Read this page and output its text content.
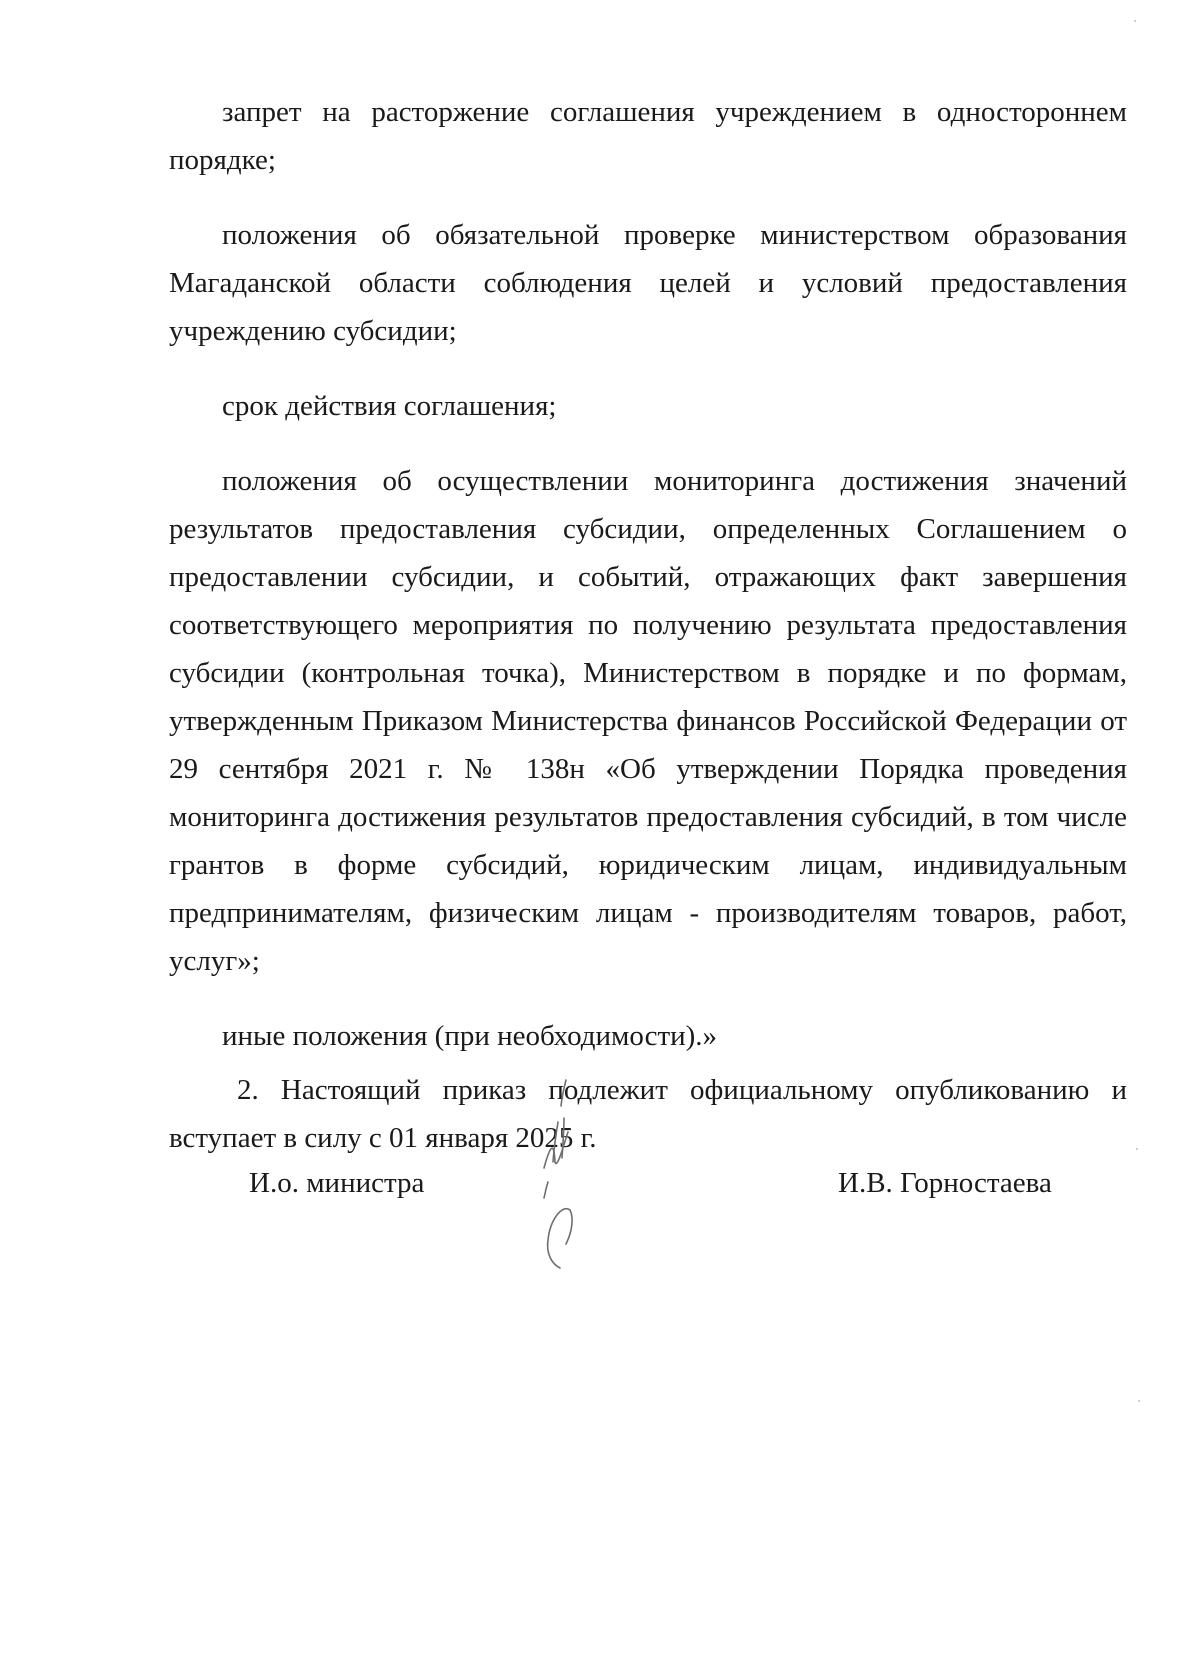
запрет на расторжение соглашения учреждением в одностороннем порядке;

положения об обязательной проверке министерством образования Магаданской области соблюдения целей и условий предоставления учреждению субсидии;

срок действия соглашения;

положения об осуществлении мониторинга достижения значений результатов предоставления субсидии, определенных Соглашением о предоставлении субсидии, и событий, отражающих факт завершения соответствующего мероприятия по получению результата предоставления субсидии (контрольная точка), Министерством в порядке и по формам, утвержденным Приказом Министерства финансов Российской Федерации от 29 сентября 2021 г. № 138н «Об утверждении Порядка проведения мониторинга достижения результатов предоставления субсидий, в том числе грантов в форме субсидий, юридическим лицам, индивидуальным предпринимателям, физическим лицам - производителям товаров, работ, услуг»;

иные положения (при необходимости).»

2. Настоящий приказ подлежит официальному опубликованию и вступает в силу с 01 января 2025 г.

И.о. министра	И.В. Горностаева
